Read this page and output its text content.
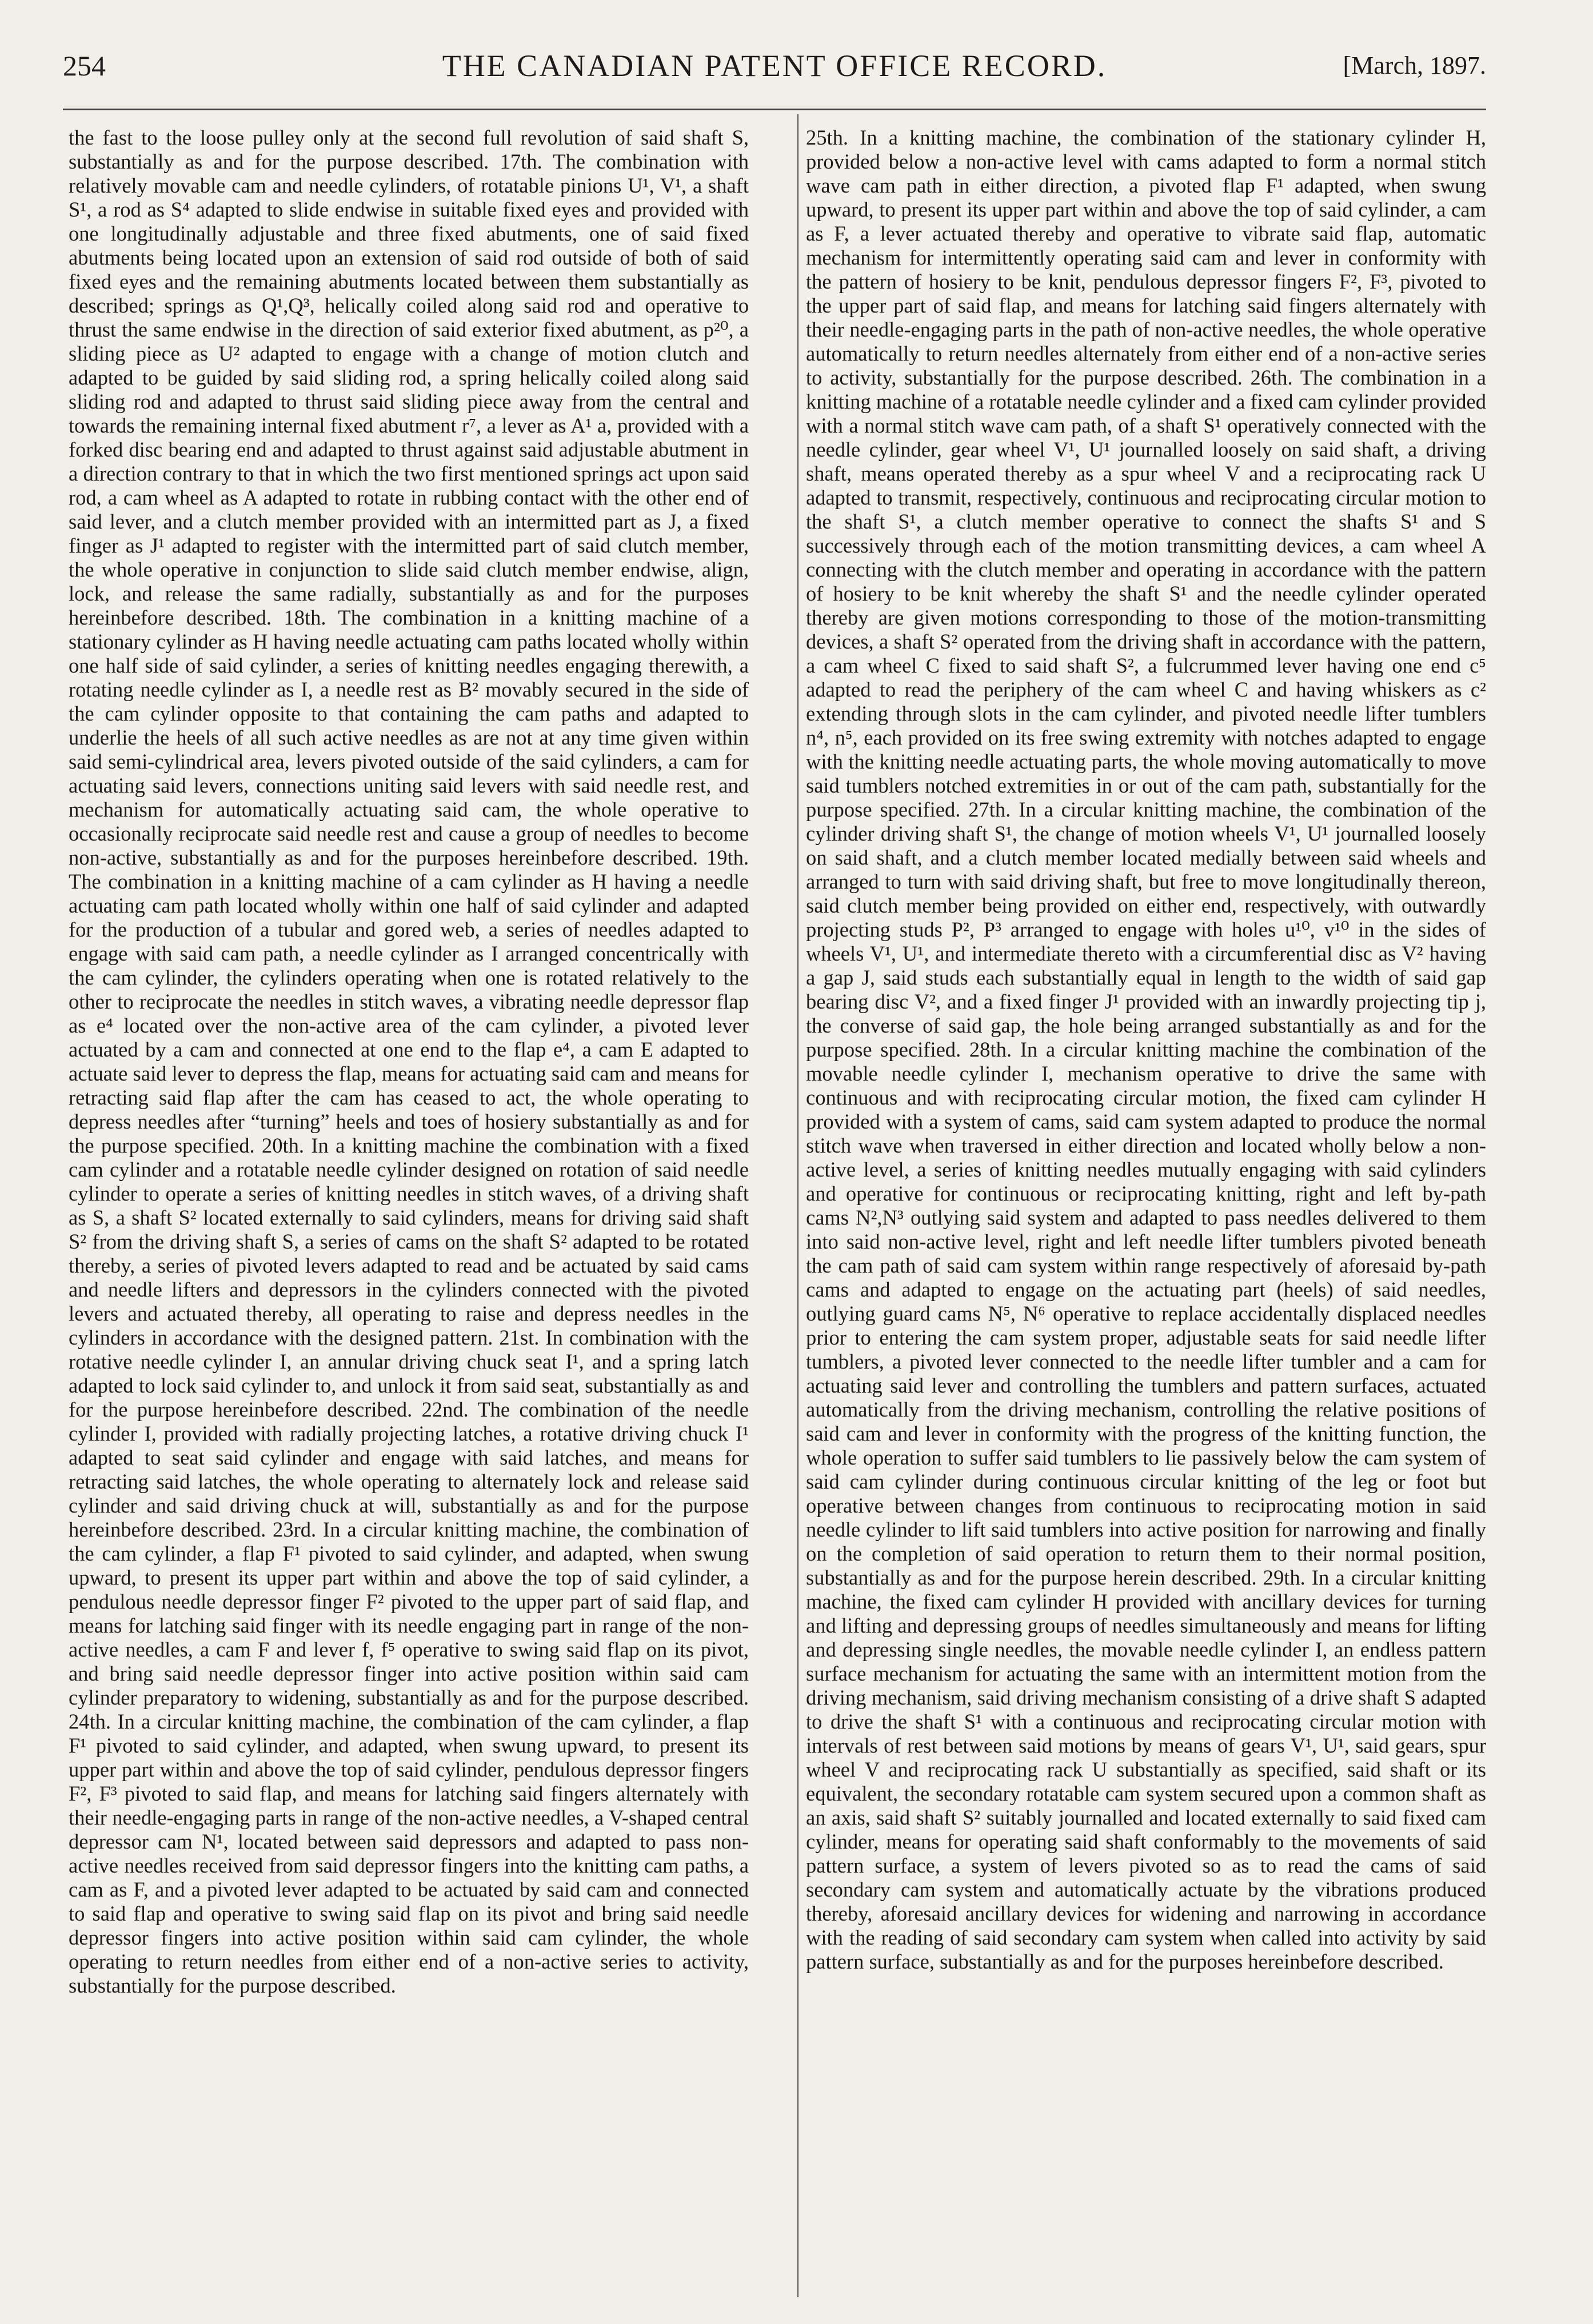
254	THE CANADIAN PATENT OFFICE RECORD.	[March, 1897.

the fast to the loose pulley only at the second full revolution of said shaft S, substantially as and for the purpose described. 17th. The combination with relatively movable cam and needle cylinders, of rotatable pinions U¹, V¹, a shaft S¹, a rod as S⁴ adapted to slide endwise in suitable fixed eyes and provided with one longitudinally adjustable and three fixed abutments, one of said fixed abutments being located upon an extension of said rod outside of both of said fixed eyes and the remaining abutments located between them substantially as described; springs as Q¹,Q³, helically coiled along said rod and operative to thrust the same endwise in the direction of said exterior fixed abutment, as p²⁰, a sliding piece as U² adapted to engage with a change of motion clutch and adapted to be guided by said sliding rod, a spring helically coiled along said sliding rod and adapted to thrust said sliding piece away from the central and towards the remaining internal fixed abutment r⁷, a lever as A¹ a, provided with a forked disc bearing end and adapted to thrust against said adjustable abutment in a direction contrary to that in which the two first mentioned springs act upon said rod, a cam wheel as A adapted to rotate in rubbing contact with the other end of said lever, and a clutch member provided with an intermitted part as J, a fixed finger as J¹ adapted to register with the intermitted part of said clutch member, the whole operative in conjunction to slide said clutch member endwise, align, lock, and release the same radially, substantially as and for the purposes hereinbefore described. 18th. The combination in a knitting machine of a stationary cylinder as H having needle actuating cam paths located wholly within one half side of said cylinder, a series of knitting needles engaging therewith, a rotating needle cylinder as I, a needle rest as B² movably secured in the side of the cam cylinder opposite to that containing the cam paths and adapted to underlie the heels of all such active needles as are not at any time given within said semi-cylindrical area, levers pivoted outside of the said cylinders, a cam for actuating said levers, connections uniting said levers with said needle rest, and mechanism for automatically actuating said cam, the whole operative to occasionally reciprocate said needle rest and cause a group of needles to become non-active, substantially as and for the purposes hereinbefore described. 19th. The combination in a knitting machine of a cam cylinder as H having a needle actuating cam path located wholly within one half of said cylinder and adapted for the production of a tubular and gored web, a series of needles adapted to engage with said cam path, a needle cylinder as I arranged concentrically with the cam cylinder, the cylinders operating when one is rotated relatively to the other to reciprocate the needles in stitch waves, a vibrating needle depressor flap as e⁴ located over the non-active area of the cam cylinder, a pivoted lever actuated by a cam and connected at one end to the flap e⁴, a cam E adapted to actuate said lever to depress the flap, means for actuating said cam and means for retracting said flap after the cam has ceased to act, the whole operating to depress needles after “turning” heels and toes of hosiery substantially as and for the purpose specified. 20th. In a knitting machine the combination with a fixed cam cylinder and a rotatable needle cylinder designed on rotation of said needle cylinder to operate a series of knitting needles in stitch waves, of a driving shaft as S, a shaft S² located externally to said cylinders, means for driving said shaft S² from the driving shaft S, a series of cams on the shaft S² adapted to be rotated thereby, a series of pivoted levers adapted to read and be actuated by said cams and needle lifters and depressors in the cylinders connected with the pivoted levers and actuated thereby, all operating to raise and depress needles in the cylinders in accordance with the designed pattern. 21st. In combination with the rotative needle cylinder I, an annular driving chuck seat I¹, and a spring latch adapted to lock said cylinder to, and unlock it from said seat, substantially as and for the purpose hereinbefore described. 22nd. The combination of the needle cylinder I, provided with radially projecting latches, a rotative driving chuck I¹ adapted to seat said cylinder and engage with said latches, and means for retracting said latches, the whole operating to alternately lock and release said cylinder and said driving chuck at will, substantially as and for the purpose hereinbefore described. 23rd. In a circular knitting machine, the combination of the cam cylinder, a flap F¹ pivoted to said cylinder, and adapted, when swung upward, to present its upper part within and above the top of said cylinder, a pendulous needle depressor finger F² pivoted to the upper part of said flap, and means for latching said finger with its needle engaging part in range of the non-active needles, a cam F and lever f, f⁵ operative to swing said flap on its pivot, and bring said needle depressor finger into active position within said cam cylinder preparatory to widening, substantially as and for the purpose described. 24th. In a circular knitting machine, the combination of the cam cylinder, a flap F¹ pivoted to said cylinder, and adapted, when swung upward, to present its upper part within and above the top of said cylinder, pendulous depressor fingers F², F³ pivoted to said flap, and means for latching said fingers alternately with their needle-engaging parts in range of the non-active needles, a V-shaped central depressor cam N¹, located between said depressors and adapted to pass non-active needles received from said depressor fingers into the knitting cam paths, a cam as F, and a pivoted lever adapted to be actuated by said cam and connected to said flap and operative to swing said flap on its pivot and bring said needle depressor fingers into active position within said cam cylinder, the whole operating to return needles from either end of a non-active series to activity, substantially for the purpose described.

25th. In a knitting machine, the combination of the stationary cylinder H, provided below a non-active level with cams adapted to form a normal stitch wave cam path in either direction, a pivoted flap F¹ adapted, when swung upward, to present its upper part within and above the top of said cylinder, a cam as F, a lever actuated thereby and operative to vibrate said flap, automatic mechanism for intermittently operating said cam and lever in conformity with the pattern of hosiery to be knit, pendulous depressor fingers F², F³, pivoted to the upper part of said flap, and means for latching said fingers alternately with their needle-engaging parts in the path of non-active needles, the whole operative automatically to return needles alternately from either end of a non-active series to activity, substantially for the purpose described. 26th. The combination in a knitting machine of a rotatable needle cylinder and a fixed cam cylinder provided with a normal stitch wave cam path, of a shaft S¹ operatively connected with the needle cylinder, gear wheel V¹, U¹ journalled loosely on said shaft, a driving shaft, means operated thereby as a spur wheel V and a reciprocating rack U adapted to transmit, respectively, continuous and reciprocating circular motion to the shaft S¹, a clutch member operative to connect the shafts S¹ and S successively through each of the motion transmitting devices, a cam wheel A connecting with the clutch member and operating in accordance with the pattern of hosiery to be knit whereby the shaft S¹ and the needle cylinder operated thereby are given motions corresponding to those of the motion-transmitting devices, a shaft S² operated from the driving shaft in accordance with the pattern, a cam wheel C fixed to said shaft S², a fulcrummed lever having one end c⁵ adapted to read the periphery of the cam wheel C and having whiskers as c² extending through slots in the cam cylinder, and pivoted needle lifter tumblers n⁴, n⁵, each provided on its free swing extremity with notches adapted to engage with the knitting needle actuating parts, the whole moving automatically to move said tumblers notched extremities in or out of the cam path, substantially for the purpose specified. 27th. In a circular knitting machine, the combination of the cylinder driving shaft S¹, the change of motion wheels V¹, U¹ journalled loosely on said shaft, and a clutch member located medially between said wheels and arranged to turn with said driving shaft, but free to move longitudinally thereon, said clutch member being provided on either end, respectively, with outwardly projecting studs P², P³ arranged to engage with holes u¹⁰, v¹⁰ in the sides of wheels V¹, U¹, and intermediate thereto with a circumferential disc as V² having a gap J, said studs each substantially equal in length to the width of said gap bearing disc V², and a fixed finger J¹ provided with an inwardly projecting tip j, the converse of said gap, the hole being arranged substantially as and for the purpose specified. 28th. In a circular knitting machine the combination of the movable needle cylinder I, mechanism operative to drive the same with continuous and with reciprocating circular motion, the fixed cam cylinder H provided with a system of cams, said cam system adapted to produce the normal stitch wave when traversed in either direction and located wholly below a non-active level, a series of knitting needles mutually engaging with said cylinders and operative for continuous or reciprocating knitting, right and left by-path cams N²,N³ outlying said system and adapted to pass needles delivered to them into said non-active level, right and left needle lifter tumblers pivoted beneath the cam path of said cam system within range respectively of aforesaid by-path cams and adapted to engage on the actuating part (heels) of said needles, outlying guard cams N⁵, N⁶ operative to replace accidentally displaced needles prior to entering the cam system proper, adjustable seats for said needle lifter tumblers, a pivoted lever connected to the needle lifter tumbler and a cam for actuating said lever and controlling the tumblers and pattern surfaces, actuated automatically from the driving mechanism, controlling the relative positions of said cam and lever in conformity with the progress of the knitting function, the whole operation to suffer said tumblers to lie passively below the cam system of said cam cylinder during continuous circular knitting of the leg or foot but operative between changes from continuous to reciprocating motion in said needle cylinder to lift said tumblers into active position for narrowing and finally on the completion of said operation to return them to their normal position, substantially as and for the purpose herein described. 29th. In a circular knitting machine, the fixed cam cylinder H provided with ancillary devices for turning and lifting and depressing groups of needles simultaneously and means for lifting and depressing single needles, the movable needle cylinder I, an endless pattern surface mechanism for actuating the same with an intermittent motion from the driving mechanism, said driving mechanism consisting of a drive shaft S adapted to drive the shaft S¹ with a continuous and reciprocating circular motion with intervals of rest between said motions by means of gears V¹, U¹, said gears, spur wheel V and reciprocating rack U substantially as specified, said shaft or its equivalent, the secondary rotatable cam system secured upon a common shaft as an axis, said shaft S² suitably journalled and located externally to said fixed cam cylinder, means for operating said shaft conformably to the movements of said pattern surface, a system of levers pivoted so as to read the cams of said secondary cam system and automatically actuate by the vibrations produced thereby, aforesaid ancillary devices for widening and narrowing in accordance with the reading of said secondary cam system when called into activity by said pattern surface, substantially as and for the purposes hereinbefore described.
